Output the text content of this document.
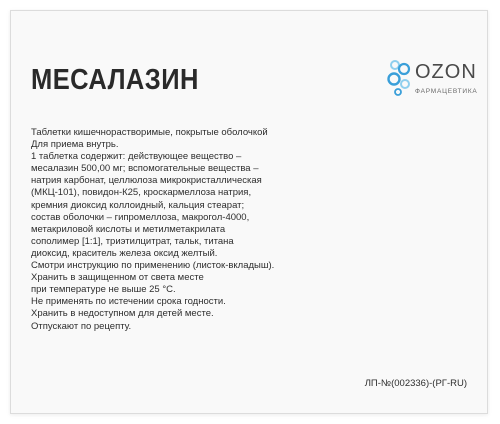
МЕСАЛАЗИН	OZON
ФАРМАЦЕВТИКА
Таблетки кишечнорастворимые, покрытые оболочкой
Для приема внутрь.
1 таблетка содержит: действующее вещество –
месалазин 500,00 мг; вспомогательные вещества –
натрия карбонат, целлюлоза микрокристаллическая
(МКЦ-101), повидон-К25, кроскармеллоза натрия,
кремния диоксид коллоидный, кальция стеарат;
состав оболочки – гипромеллоза, макрогол-4000,
метакриловой кислоты и метилметакрилата
сополимер [1:1], триэтилцитрат, тальк, титана
диоксид, краситель железа оксид желтый.
Смотри инструкцию по применению (листок-вкладыш).
Хранить в защищенном от света месте
при температуре не выше 25 °С.
Не применять по истечении срока годности.
Хранить в недоступном для детей месте.
Отпускают по рецепту.
ЛП-№(002336)-(РГ-RU)
